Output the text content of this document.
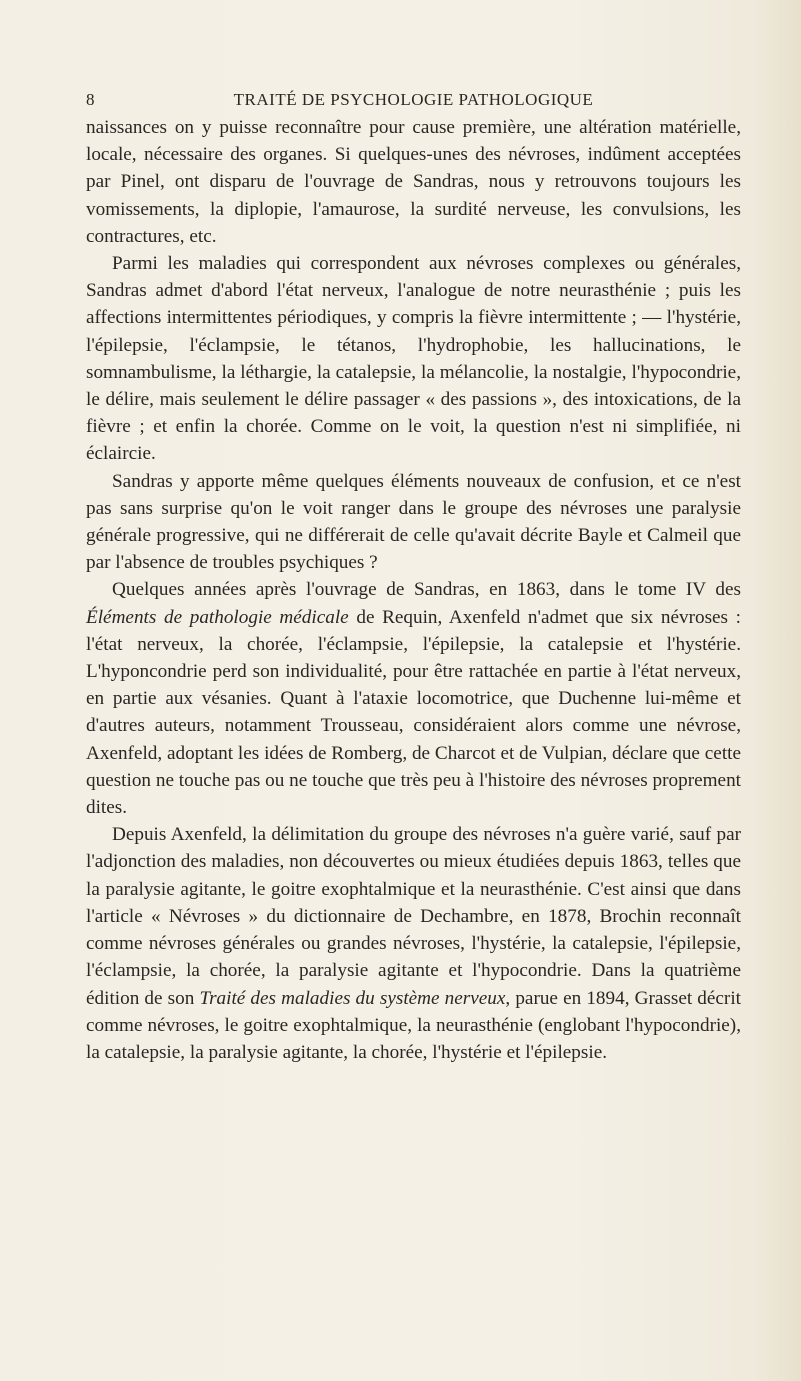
8	TRAITÉ DE PSYCHOLOGIE PATHOLOGIQUE

naissances on y puisse reconnaître pour cause première, une altération matérielle, locale, nécessaire des organes. Si quelques-unes des névroses, indûment acceptées par Pinel, ont disparu de l'ouvrage de Sandras, nous y retrouvons toujours les vomissements, la diplopie, l'amaurose, la surdité nerveuse, les convulsions, les contractures, etc.

Parmi les maladies qui correspondent aux névroses complexes ou générales, Sandras admet d'abord l'état nerveux, l'analogue de notre neurasthénie ; puis les affections intermittentes périodiques, y compris la fièvre intermittente ; — l'hystérie, l'épilepsie, l'éclampsie, le tétanos, l'hydrophobie, les hallucinations, le somnambulisme, la léthargie, la catalepsie, la mélancolie, la nostalgie, l'hypocondrie, le délire, mais seulement le délire passager « des passions », des intoxications, de la fièvre ; et enfin la chorée. Comme on le voit, la question n'est ni simplifiée, ni éclaircie.

Sandras y apporte même quelques éléments nouveaux de confusion, et ce n'est pas sans surprise qu'on le voit ranger dans le groupe des névroses une paralysie générale progressive, qui ne différerait de celle qu'avait décrite Bayle et Calmeil que par l'absence de troubles psychiques ?

Quelques années après l'ouvrage de Sandras, en 1863, dans le tome IV des Éléments de pathologie médicale de Requin, Axenfeld n'admet que six névroses : l'état nerveux, la chorée, l'éclampsie, l'épilepsie, la catalepsie et l'hystérie. L'hyponcondrie perd son individualité, pour être rattachée en partie à l'état nerveux, en partie aux vésanies. Quant à l'ataxie locomotrice, que Duchenne lui-même et d'autres auteurs, notamment Trousseau, considéraient alors comme une névrose, Axenfeld, adoptant les idées de Romberg, de Charcot et de Vulpian, déclare que cette question ne touche pas ou ne touche que très peu à l'histoire des névroses proprement dites.

Depuis Axenfeld, la délimitation du groupe des névroses n'a guère varié, sauf par l'adjonction des maladies, non découvertes ou mieux étudiées depuis 1863, telles que la paralysie agitante, le goitre exophtalmique et la neurasthénie. C'est ainsi que dans l'article « Névroses » du dictionnaire de Dechambre, en 1878, Brochin reconnaît comme névroses générales ou grandes névroses, l'hystérie, la catalepsie, l'épilepsie, l'éclampsie, la chorée, la paralysie agitante et l'hypocondrie. Dans la quatrième édition de son Traité des maladies du système nerveux, parue en 1894, Grasset décrit comme névroses, le goitre exophtalmique, la neurasthénie (englobant l'hypocondrie), la catalepsie, la paralysie agitante, la chorée, l'hystérie et l'épilepsie.
